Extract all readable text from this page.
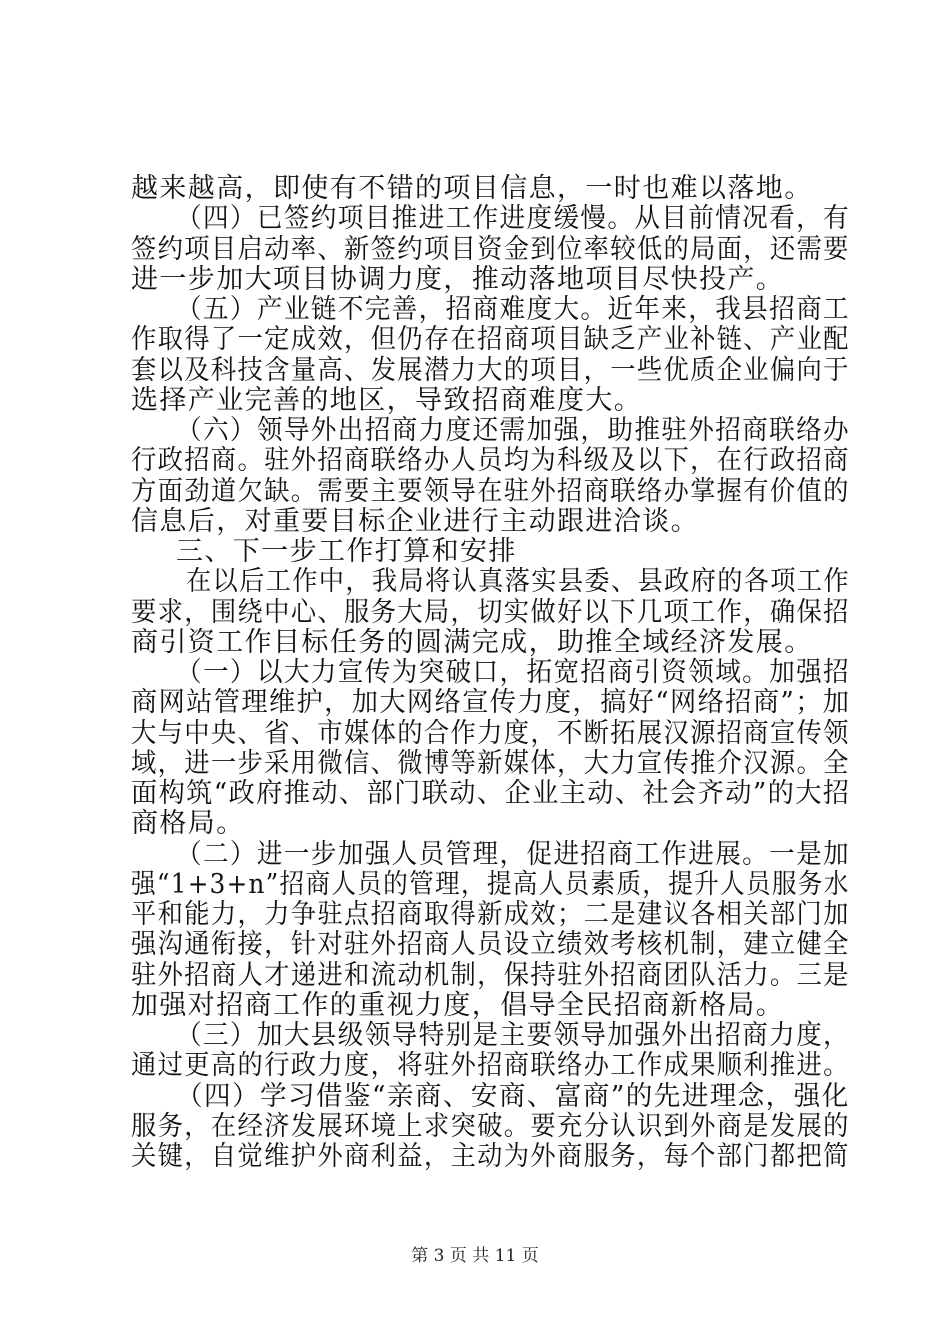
越来越高，即使有不错的项目信息，一时也难以落地。
（四）已签约项目推进工作进度缓慢。从目前情况看，有
签约项目启动率、新签约项目资金到位率较低的局面，还需要
进一步加大项目协调力度，推动落地项目尽快投产。
（五）产业链不完善，招商难度大。近年来，我县招商工
作取得了一定成效，但仍存在招商项目缺乏产业补链、产业配
套以及科技含量高、发展潜力大的项目，一些优质企业偏向于
选择产业完善的地区，导致招商难度大。
（六）领导外出招商力度还需加强，助推驻外招商联络办
行政招商。驻外招商联络办人员均为科级及以下，在行政招商
方面劲道欠缺。需要主要领导在驻外招商联络办掌握有价值的
信息后，对重要目标企业进行主动跟进洽谈。
三、下一步工作打算和安排
在以后工作中，我局将认真落实县委、县政府的各项工作
要求，围绕中心、服务大局，切实做好以下几项工作，确保招
商引资工作目标任务的圆满完成，助推全域经济发展。
（一）以大力宣传为突破口，拓宽招商引资领域。加强招
商网站管理维护，加大网络宣传力度，搞好“网络招商”；加
大与中央、省、市媒体的合作力度，不断拓展汉源招商宣传领
域，进一步采用微信、微博等新媒体，大力宣传推介汉源。全
面构筑“政府推动、部门联动、企业主动、社会齐动”的大招
商格局。
（二）进一步加强人员管理，促进招商工作进展。一是加
强“1+3+n”招商人员的管理，提高人员素质，提升人员服务水
平和能力，力争驻点招商取得新成效；二是建议各相关部门加
强沟通衔接，针对驻外招商人员设立绩效考核机制，建立健全
驻外招商人才递进和流动机制，保持驻外招商团队活力。三是
加强对招商工作的重视力度，倡导全民招商新格局。
（三）加大县级领导特别是主要领导加强外出招商力度，
通过更高的行政力度，将驻外招商联络办工作成果顺利推进。
（四）学习借鉴“亲商、安商、富商”的先进理念，强化
服务，在经济发展环境上求突破。要充分认识到外商是发展的
关键，自觉维护外商利益，主动为外商服务，每个部门都把简
第 3 页 共 11 页
